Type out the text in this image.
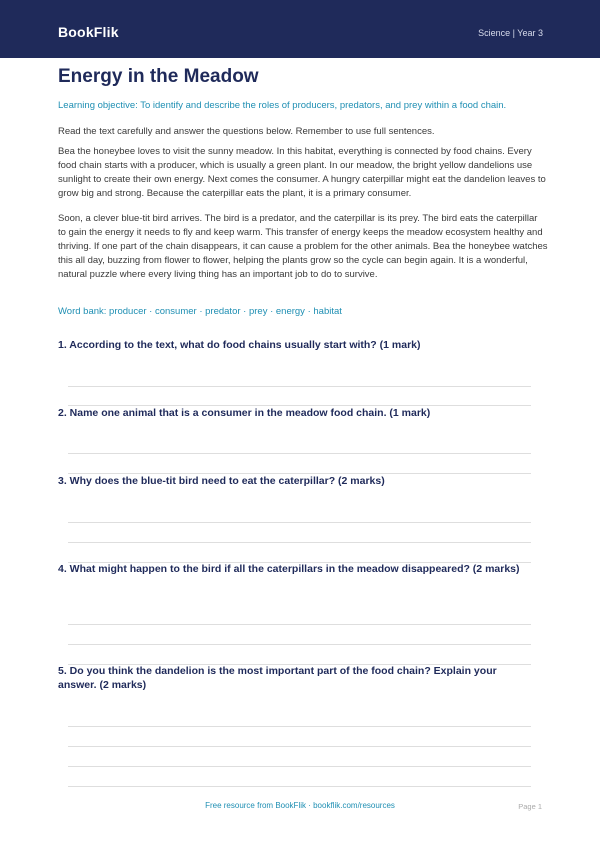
BookFlik	Science | Year 3
Energy in the Meadow
Learning objective: To identify and describe the roles of producers, predators, and prey within a food chain.
Read the text carefully and answer the questions below. Remember to use full sentences.
Bea the honeybee loves to visit the sunny meadow. In this habitat, everything is connected by food chains. Every food chain starts with a producer, which is usually a green plant. In our meadow, the bright yellow dandelions use sunlight to create their own energy. Next comes the consumer. A hungry caterpillar might eat the dandelion leaves to grow big and strong. Because the caterpillar eats the plant, it is a primary consumer.
Soon, a clever blue-tit bird arrives. The bird is a predator, and the caterpillar is its prey. The bird eats the caterpillar to gain the energy it needs to fly and keep warm. This transfer of energy keeps the meadow ecosystem healthy and thriving. If one part of the chain disappears, it can cause a problem for the other animals. Bea the honeybee watches this all day, buzzing from flower to flower, helping the plants grow so the cycle can begin again. It is a wonderful, natural puzzle where every living thing has an important job to do to survive.
Word bank: producer · consumer · predator · prey · energy · habitat
1. According to the text, what do food chains usually start with? (1 mark)
2. Name one animal that is a consumer in the meadow food chain. (1 mark)
3. Why does the blue-tit bird need to eat the caterpillar? (2 marks)
4. What might happen to the bird if all the caterpillars in the meadow disappeared? (2 marks)
5. Do you think the dandelion is the most important part of the food chain? Explain your answer. (2 marks)
Free resource from BookFlik · bookflik.com/resources	Page 1
